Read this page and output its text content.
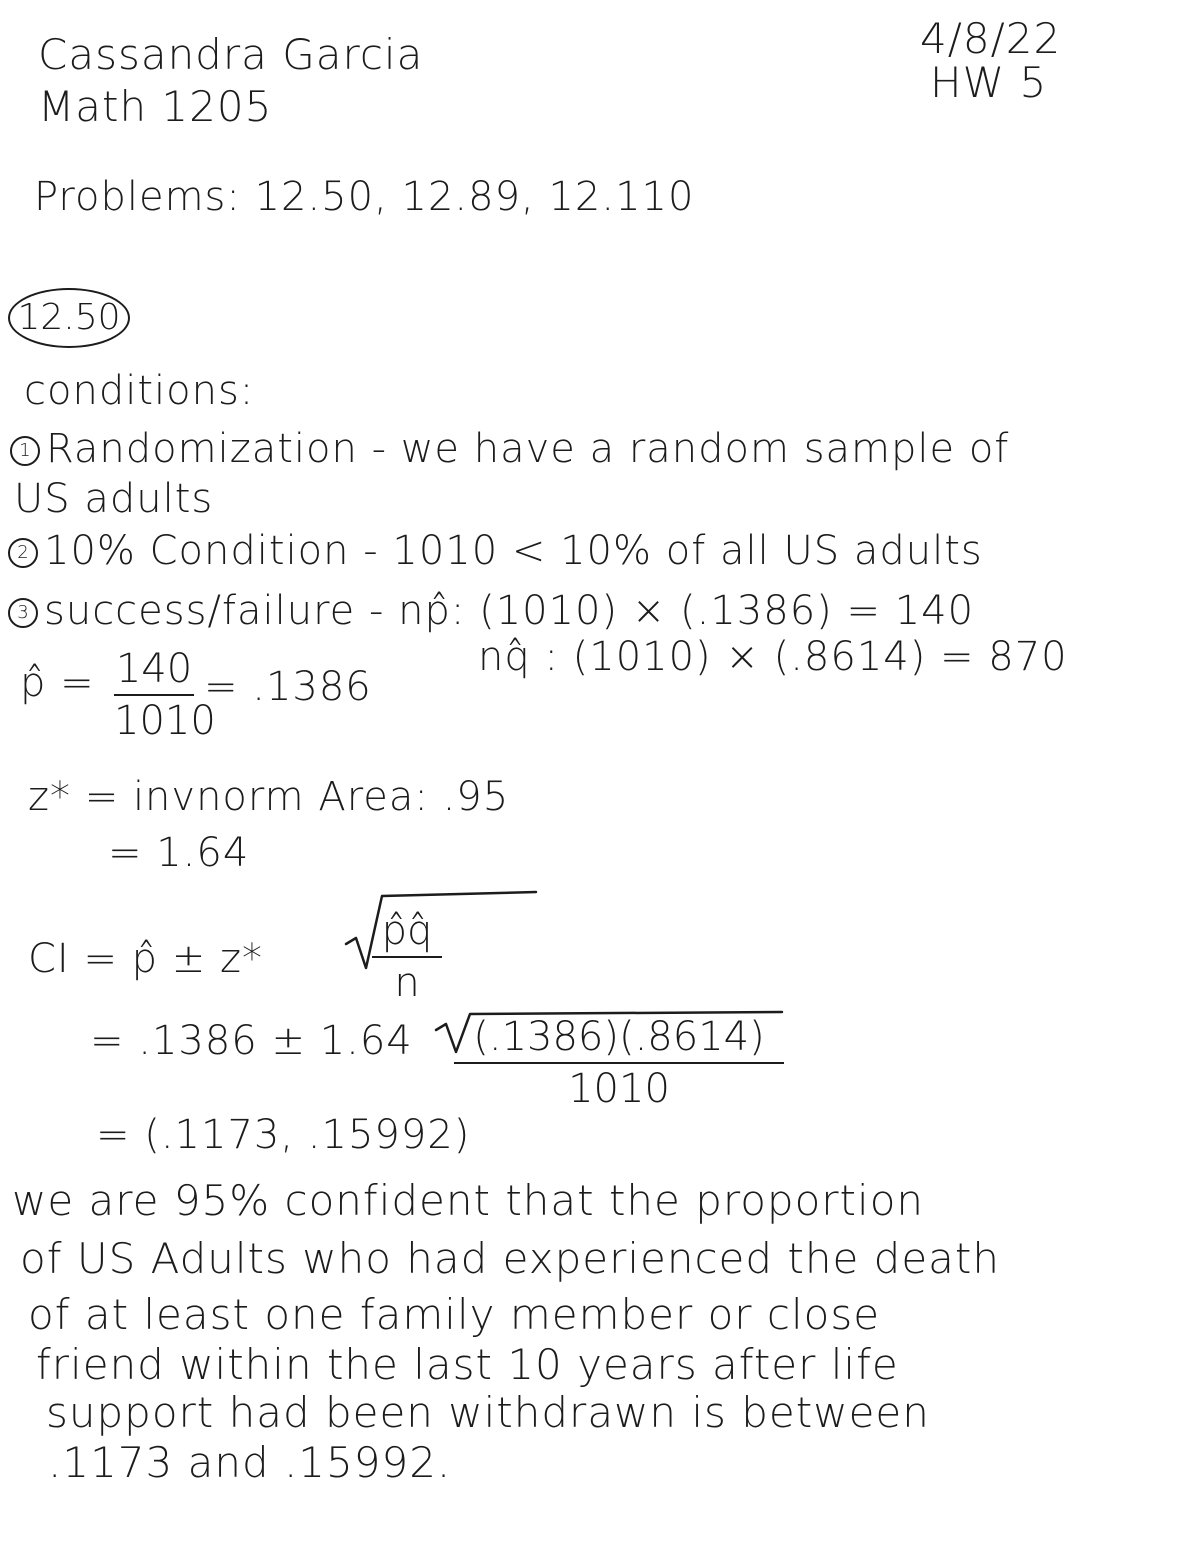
Cassandra Garcia
Math 1205
4/8/22
HW 5
Problems: 12.50, 12.89, 12.110
12.50
conditions:
1 Randomization - we have a random sample of
US adults
2 10% Condition - 1010 < 10% of all US adults
3 success/failure - np̂: (1010) × (.1386) = 140
nq̂ : (1010) × (.8614) = 870
p̂ = 140
1010
= .1386
z* = invnorm Area: .95
= 1.64
CI = p̂ ± z*
p̂q̂
n
= .1386 ± 1.64	(.1386)(.8614)
1010
= (.1173, .15992)
we are 95% confident that the proportion
of US Adults who had experienced the death
of at least one family member or close
friend within the last 10 years after life
support had been withdrawn is between
.1173 and .15992.
